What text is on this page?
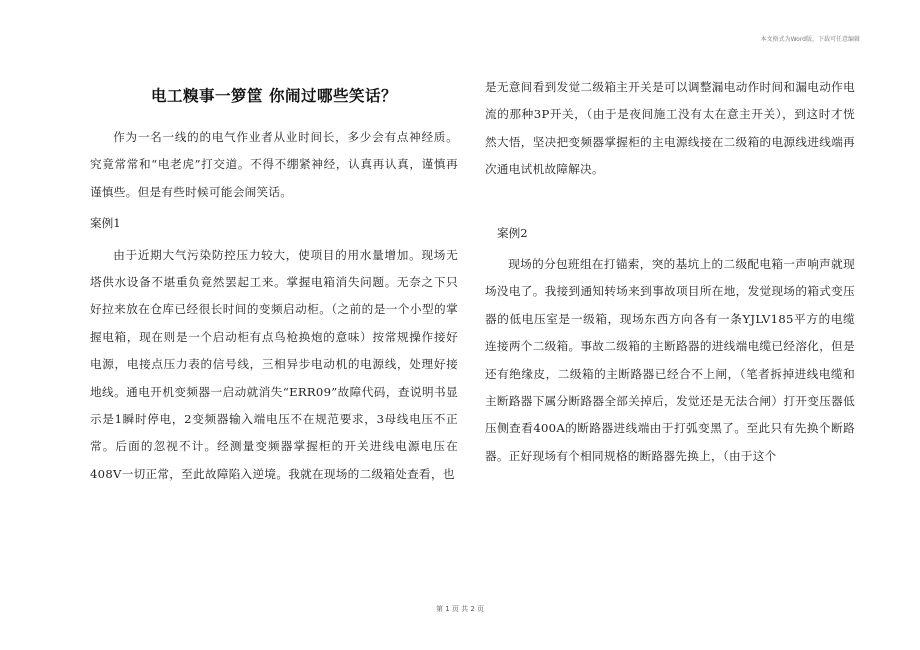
本文格式为Word版，下载可任意编辑
电工糗事一箩筐 你闹过哪些笑话？

作为一名一线的的电气作业者从业时间长，多少会有点神经质。究竟常常和“电老虎”打交道。不得不绷紧神经，认真再认真，谨慎再谨慎些。但是有些时候可能会闹笑话。

案例1

由于近期大气污染防控压力较大，使项目的用水量增加。现场无塔供水设备不堪重负竟然罢起工来。掌握电箱消失问题。无奈之下只好拉来放在仓库已经很长时间的变频启动柜。（之前的是一个小型的掌握电箱，现在则是一个启动柜有点鸟枪换炮的意味）按常规操作接好电源，电接点压力表的信号线，三相异步电动机的电源线，处理好接地线。通电开机变频器一启动就消失“ERR09”故障代码，查说明书显示是1瞬时停电，2变频器输入端电压不在规范要求，3母线电压不正常。后面的忽视不计。经测量变频器掌握柜的开关进线电源电压在408V一切正常，至此故障陷入逆境。我就在现场的二级箱处查看，也

是无意间看到发觉二级箱主开关是可以调整漏电动作时间和漏电动作电流的那种3P开关，（由于是夜间施工没有太在意主开关），到这时才恍然大悟，坚决把变频器掌握柜的主电源线接在二级箱的电源线进线端再次通电试机故障解决。

案例2

现场的分包班组在打锚索，突的基坑上的二级配电箱一声响声就现场没电了。我接到通知转场来到事故项目所在地，发觉现场的箱式变压器的低电压室是一级箱，现场东西方向各有一条YJLV185平方的电缆连接两个二级箱。事故二级箱的主断路器的进线端电缆已经溶化，但是还有绝缘皮，二级箱的主断路器已经合不上闸，（笔者拆掉进线电缆和主断路器下属分断路器全部关掉后，发觉还是无法合闸）打开变压器低压侧查看400A的断路器进线端由于打弧变黑了。至此只有先换个断路器。正好现场有个相同规格的断路器先换上，（由于这个

第 1 页 共 2 页
